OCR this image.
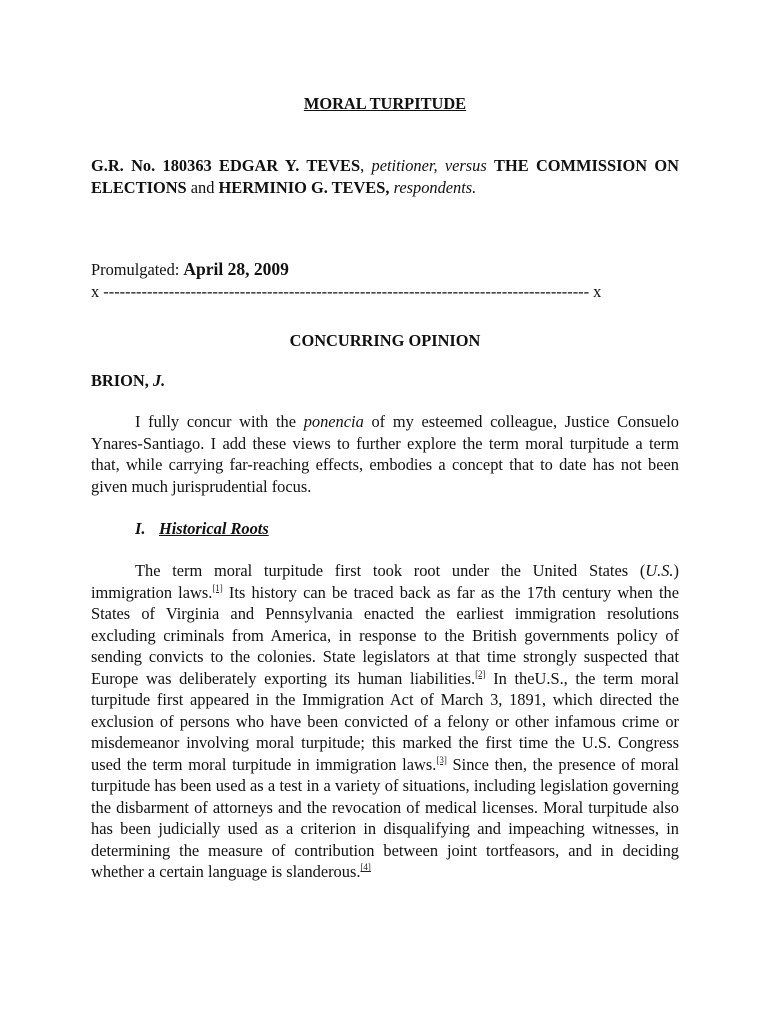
MORAL TURPITUDE
G.R. No. 180363 EDGAR Y. TEVES, petitioner, versus THE COMMISSION ON ELECTIONS and HERMINIO G. TEVES, respondents.
Promulgated: April 28, 2009
x ----------------------------------------------------------------------------------------- x
CONCURRING OPINION
BRION, J.

I fully concur with the ponencia of my esteemed colleague, Justice Consuelo Ynares-Santiago. I add these views to further explore the term moral turpitude a term that, while carrying far-reaching effects, embodies a concept that to date has not been given much jurisprudential focus.

I. Historical Roots

The term moral turpitude first took root under the United States (U.S.) immigration laws.[1] Its history can be traced back as far as the 17th century when the States of Virginia and Pennsylvania enacted the earliest immigration resolutions excluding criminals from America, in response to the British governments policy of sending convicts to the colonies. State legislators at that time strongly suspected that Europe was deliberately exporting its human liabilities.[2] In theU.S., the term moral turpitude first appeared in the Immigration Act of March 3, 1891, which directed the exclusion of persons who have been convicted of a felony or other infamous crime or misdemeanor involving moral turpitude; this marked the first time the U.S. Congress used the term moral turpitude in immigration laws.[3] Since then, the presence of moral turpitude has been used as a test in a variety of situations, including legislation governing the disbarment of attorneys and the revocation of medical licenses. Moral turpitude also has been judicially used as a criterion in disqualifying and impeaching witnesses, in determining the measure of contribution between joint tortfeasors, and in deciding whether a certain language is slanderous.[4]
